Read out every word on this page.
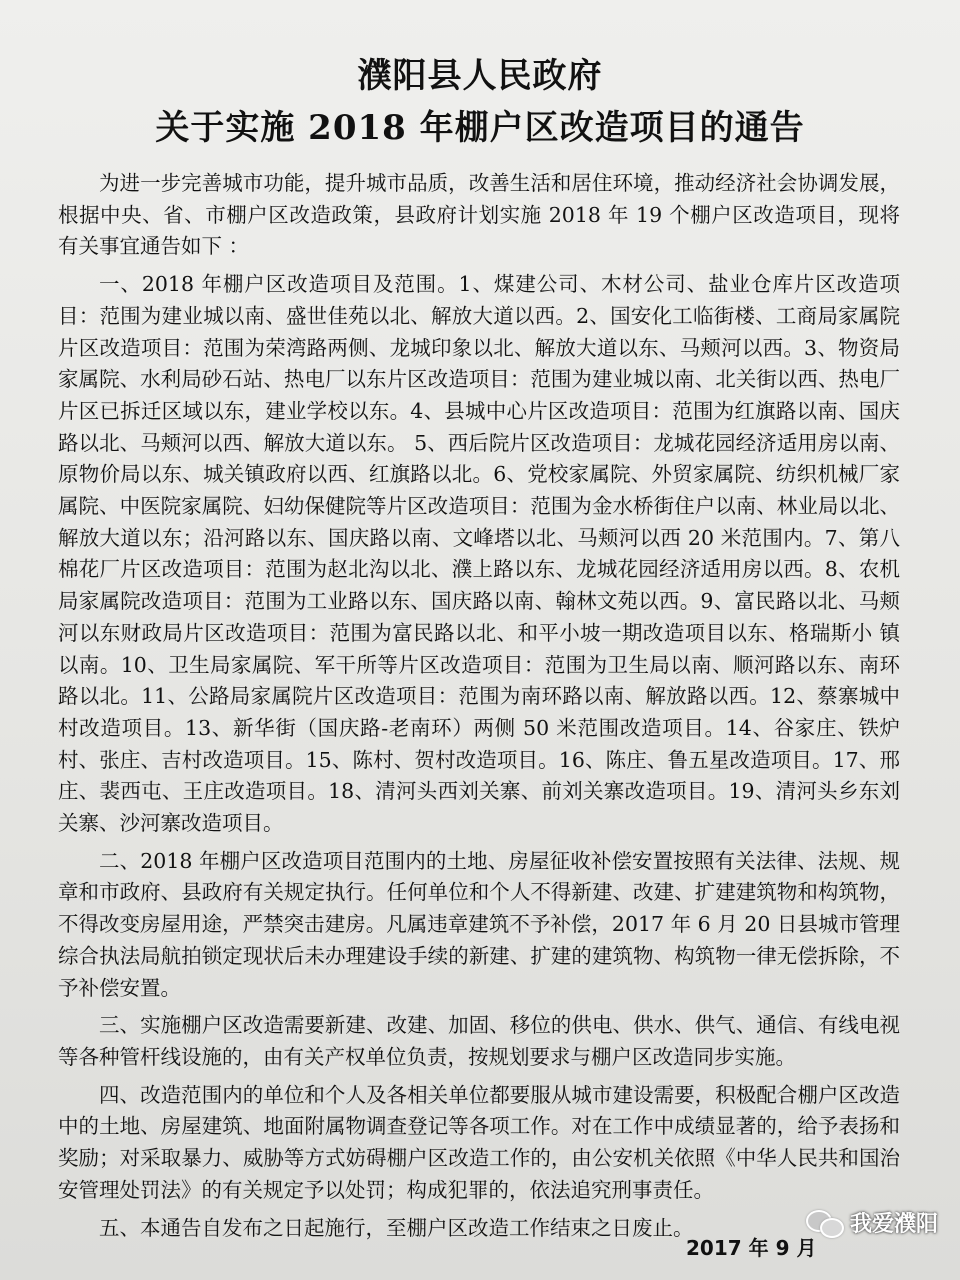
濮阳县人民政府
关于实施 2018 年棚户区改造项目的通告

为进一步完善城市功能，提升城市品质，改善生活和居住环境，推动经济社会协调发展，根据中央、省、市棚户区改造政策，县政府计划实施 2018 年 19 个棚户区改造项目，现将有关事宜通告如下 ：

一、2018 年棚户区改造项目及范围。1、煤建公司、木材公司、盐业仓库片区改造项目：范围为建业城以南、盛世佳苑以北、解放大道以西。2、国安化工临街楼、工商局家属院片区改造项目：范围为荣湾路两侧、龙城印象以北、解放大道以东、马颊河以西。3、物资局家属院、水利局砂石站、热电厂以东片区改造项目：范围为建业城以南、北关街以西、热电厂片区已拆迁区域以东，建业学校以东。4、县城中心片区改造项目：范围为红旗路以南、国庆路以北、马颊河以西、解放大道以东。 5、西后院片区改造项目：龙城花园经济适用房以南、原物价局以东、城关镇政府以西、红旗路以北。6、党校家属院、外贸家属院、纺织机械厂家属院、中医院家属院、妇幼保健院等片区改造项目：范围为金水桥街住户以南、林业局以北、解放大道以东；沿河路以东、国庆路以南、文峰塔以北、马颊河以西 20 米范围内。7、第八棉花厂片区改造项目：范围为赵北沟以北、濮上路以东、龙城花园经济适用房以西。8、农机局家属院改造项目：范围为工业路以东、国庆路以南、翰林文苑以西。9、富民路以北、马颊河以东财政局片区改造项目：范围为富民路以北、和平小坡一期改造项目以东、格瑞斯小 镇以南。10、卫生局家属院、军干所等片区改造项目：范围为卫生局以南、顺河路以东、南环路以北。11、公路局家属院片区改造项目：范围为南环路以南、解放路以西。12、蔡寨城中村改造项目。13、新华街（国庆路-老南环）两侧 50 米范围改造项目。14、谷家庄、铁炉村、张庄、吉村改造项目。15、陈村、贺村改造项目。16、陈庄、鲁五星改造项目。17、邢庄、裴西屯、王庄改造项目。18、清河头西刘关寨、前刘关寨改造项目。19、清河头乡东刘关寨、沙河寨改造项目。

二、2018 年棚户区改造项目范围内的土地、房屋征收补偿安置按照有关法律、法规、规章和市政府、县政府有关规定执行。任何单位和个人不得新建、改建、扩建建筑物和构筑物，不得改变房屋用途，严禁突击建房。凡属违章建筑不予补偿，2017 年 6 月 20 日县城市管理综合执法局航拍锁定现状后未办理建设手续的新建、扩建的建筑物、构筑物一律无偿拆除，不予补偿安置。

三、实施棚户区改造需要新建、改建、加固、移位的供电、供水、供气、通信、有线电视等各种管杆线设施的，由有关产权单位负责，按规划要求与棚户区改造同步实施。

四、改造范围内的单位和个人及各相关单位都要服从城市建设需要，积极配合棚户区改造中的土地、房屋建筑、地面附属物调查登记等各项工作。对在工作中成绩显著的，给予表扬和奖励；对采取暴力、威胁等方式妨碍棚户区改造工作的，由公安机关依照《中华人民共和国治安管理处罚法》的有关规定予以处罚；构成犯罪的，依法追究刑事责任。

五、本通告自发布之日起施行，至棚户区改造工作结束之日废止。

2017 年 9 月
我爱濮阳
